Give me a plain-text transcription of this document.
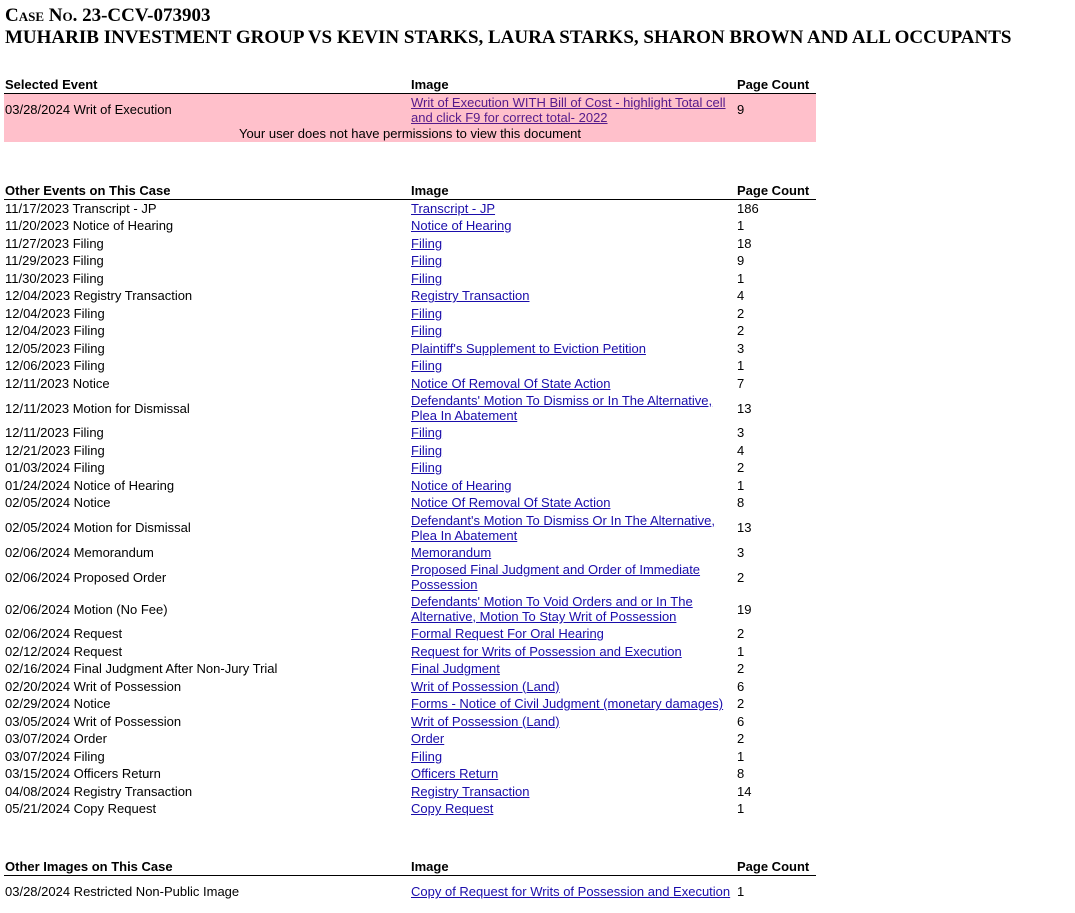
Case No. 23-CCV-073903
MUHARIB INVESTMENT GROUP VS KEVIN STARKS, LAURA STARKS, SHARON BROWN AND ALL OCCUPANTS
Selected Event	Image	Page Count
03/28/2024 Writ of Execution	Writ of Execution WITH Bill of Cost - highlight Total cell and click F9 for correct total- 2022	9
Your user does not have permissions to view this document		
Other Events on This Case	Image	Page Count
11/17/2023 Transcript - JP	Transcript - JP	186
11/20/2023 Notice of Hearing	Notice of Hearing	1
11/27/2023 Filing	Filing	18
11/29/2023 Filing	Filing	9
11/30/2023 Filing	Filing	1
12/04/2023 Registry Transaction	Registry Transaction	4
12/04/2023 Filing	Filing	2
12/04/2023 Filing	Filing	2
12/05/2023 Filing	Plaintiff's Supplement to Eviction Petition	3
12/06/2023 Filing	Filing	1
12/11/2023 Notice	Notice Of Removal Of State Action	7
12/11/2023 Motion for Dismissal	Defendants' Motion To Dismiss or In The Alternative, Plea In Abatement	13
12/11/2023 Filing	Filing	3
12/21/2023 Filing	Filing	4
01/03/2024 Filing	Filing	2
01/24/2024 Notice of Hearing	Notice of Hearing	1
02/05/2024 Notice	Notice Of Removal Of State Action	8
02/05/2024 Motion for Dismissal	Defendant's Motion To Dismiss Or In The Alternative, Plea In Abatement	13
02/06/2024 Memorandum	Memorandum	3
02/06/2024 Proposed Order	Proposed Final Judgment and Order of Immediate Possession	2
02/06/2024 Motion (No Fee)	Defendants' Motion To Void Orders and or In The Alternative, Motion To Stay Writ of Possession	19
02/06/2024 Request	Formal Request For Oral Hearing	2
02/12/2024 Request	Request for Writs of Possession and Execution	1
02/16/2024 Final Judgment After Non-Jury Trial	Final Judgment	2
02/20/2024 Writ of Possession	Writ of Possession (Land)	6
02/29/2024 Notice	Forms - Notice of Civil Judgment (monetary damages)	2
03/05/2024 Writ of Possession	Writ of Possession (Land)	6
03/07/2024 Order	Order	2
03/07/2024 Filing	Filing	1
03/15/2024 Officers Return	Officers Return	8
04/08/2024 Registry Transaction	Registry Transaction	14
05/21/2024 Copy Request	Copy Request	1
Other Images on This Case	Image	Page Count
03/28/2024 Restricted Non-Public Image	Copy of Request for Writs of Possession and Execution	1
